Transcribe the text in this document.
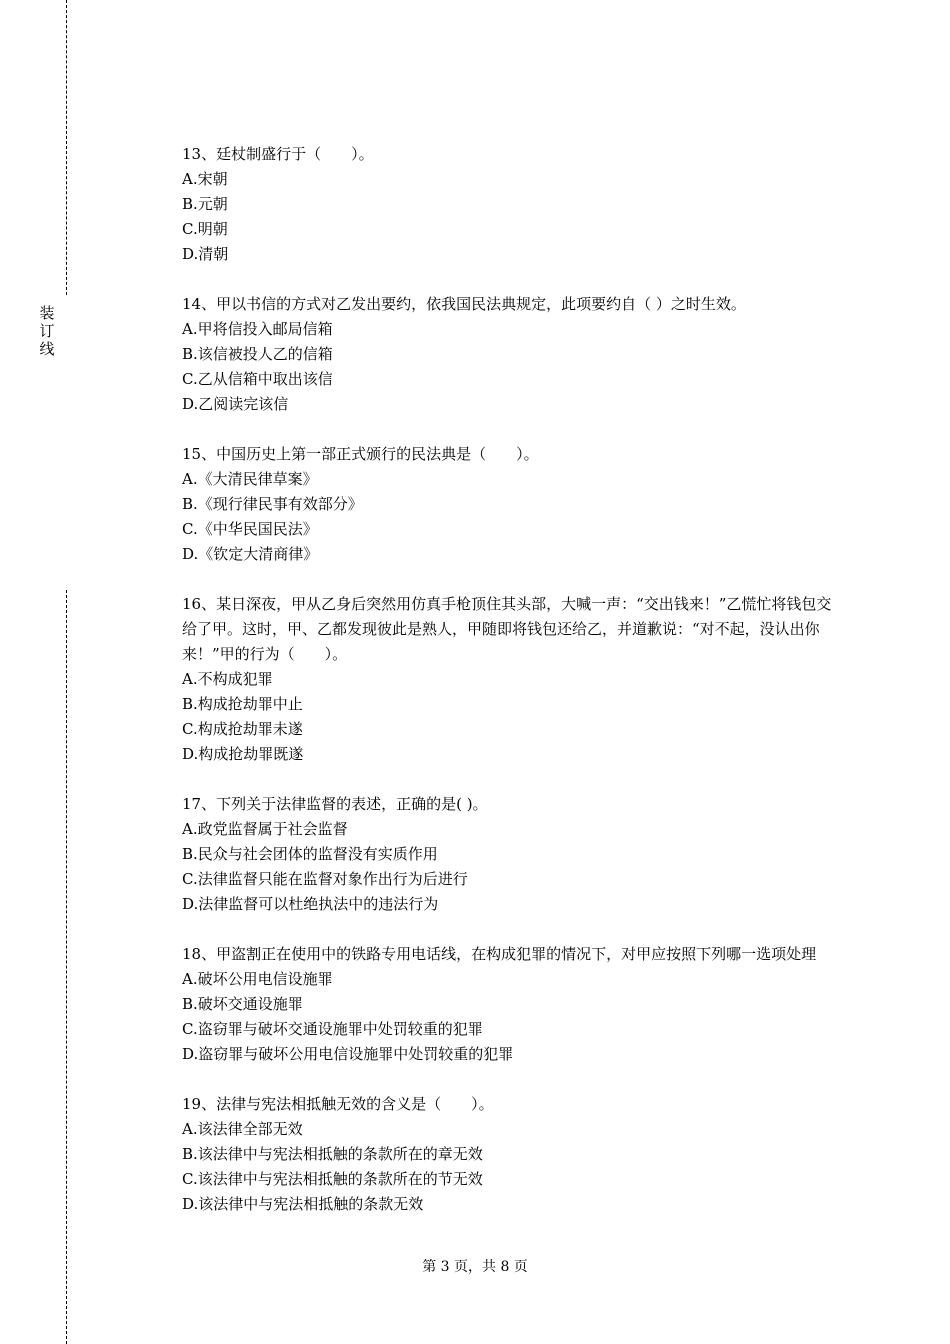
装
订
线

13、廷杖制盛行于（　　）。

A.宋朝

B.元朝

C.明朝

D.清朝

14、甲以书信的方式对乙发出要约，依我国民法典规定，此项要约自（ ）之时生效。

A.甲将信投入邮局信箱

B.该信被投人乙的信箱

C.乙从信箱中取出该信

D.乙阅读完该信

15、中国历史上第一部正式颁行的民法典是（　　）。

A.《大清民律草案》

B.《现行律民事有效部分》

C.《中华民国民法》

D.《钦定大清商律》

16、某日深夜，甲从乙身后突然用仿真手枪顶住其头部，大喊一声：“交出钱来！”乙慌忙将钱包交给了甲。这时，甲、乙都发现彼此是熟人，甲随即将钱包还给乙，并道歉说：“对不起，没认出你来！”甲的行为（　　）。

A.不构成犯罪

B.构成抢劫罪中止

C.构成抢劫罪未遂

D.构成抢劫罪既遂

17、下列关于法律监督的表述，正确的是( )。

A.政党监督属于社会监督

B.民众与社会团体的监督没有实质作用

C.法律监督只能在监督对象作出行为后进行

D.法律监督可以杜绝执法中的违法行为

18、甲盗割正在使用中的铁路专用电话线，在构成犯罪的情况下，对甲应按照下列哪一选项处理

A.破坏公用电信设施罪

B.破坏交通设施罪

C.盗窃罪与破坏交通设施罪中处罚较重的犯罪

D.盗窃罪与破坏公用电信设施罪中处罚较重的犯罪

19、法律与宪法相抵触无效的含义是（　　）。

A.该法律全部无效

B.该法律中与宪法相抵触的条款所在的章无效

C.该法律中与宪法相抵触的条款所在的节无效

D.该法律中与宪法相抵触的条款无效

第 3 页，共 8 页
